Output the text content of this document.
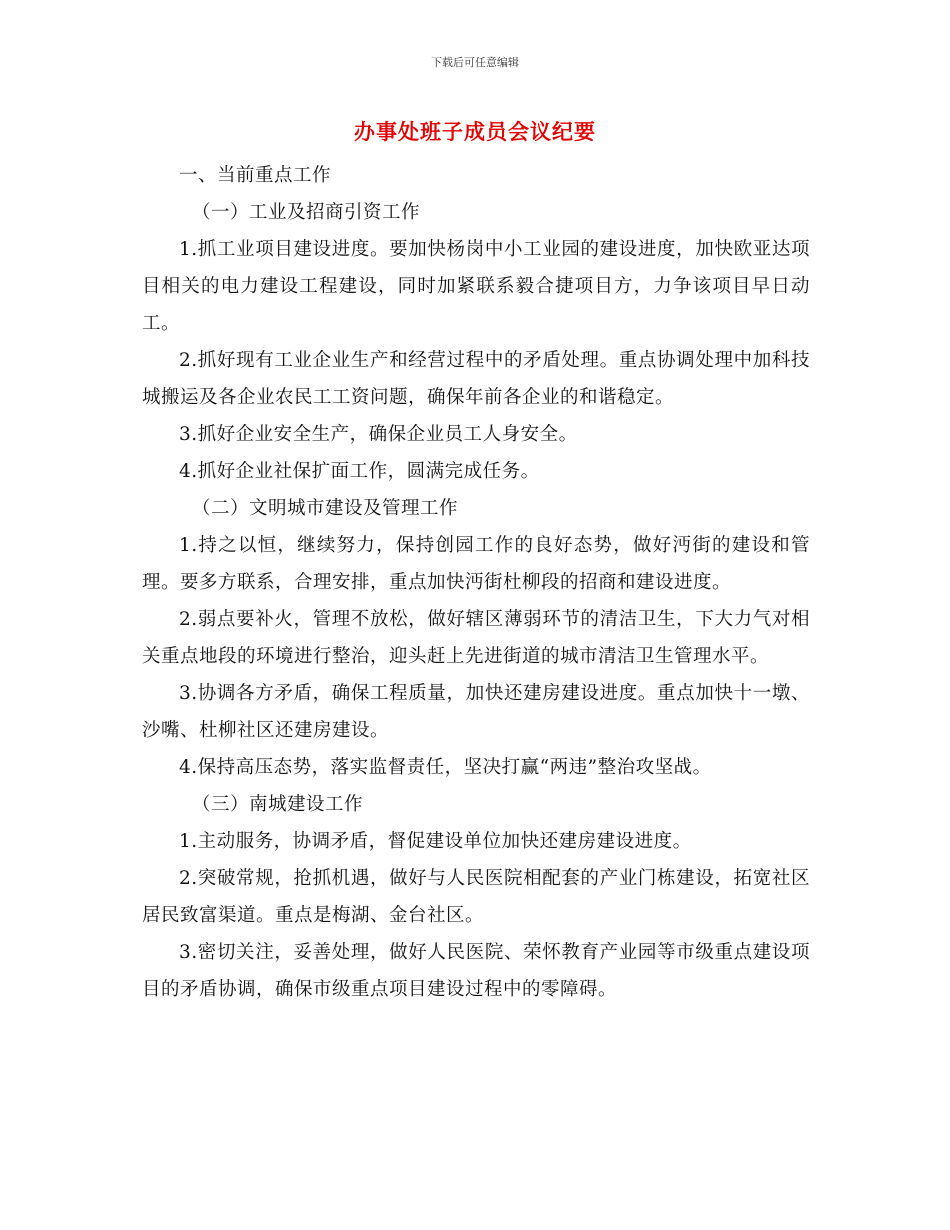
下载后可任意编辑
办事处班子成员会议纪要

一、当前重点工作

（一）工业及招商引资工作

1.抓工业项目建设进度。要加快杨岗中小工业园的建设进度，加快欧亚达项目相关的电力建设工程建设，同时加紧联系毅合捷项目方，力争该项目早日动工。

2.抓好现有工业企业生产和经营过程中的矛盾处理。重点协调处理中加科技城搬运及各企业农民工工资问题，确保年前各企业的和谐稳定。

3.抓好企业安全生产，确保企业员工人身安全。

4.抓好企业社保扩面工作，圆满完成任务。

（二）文明城市建设及管理工作

1.持之以恒，继续努力，保持创园工作的良好态势，做好沔街的建设和管理。要多方联系，合理安排，重点加快沔街杜柳段的招商和建设进度。

2.弱点要补火，管理不放松，做好辖区薄弱环节的清洁卫生，下大力气对相关重点地段的环境进行整治，迎头赶上先进街道的城市清洁卫生管理水平。

3.协调各方矛盾，确保工程质量，加快还建房建设进度。重点加快十一墩、沙嘴、杜柳社区还建房建设。

4.保持高压态势，落实监督责任，坚决打赢“两违”整治攻坚战。

（三）南城建设工作

1.主动服务，协调矛盾，督促建设单位加快还建房建设进度。

2.突破常规，抢抓机遇，做好与人民医院相配套的产业门栋建设，拓宽社区居民致富渠道。重点是梅湖、金台社区。

3.密切关注，妥善处理，做好人民医院、荣怀教育产业园等市级重点建设项目的矛盾协调，确保市级重点项目建设过程中的零障碍。
